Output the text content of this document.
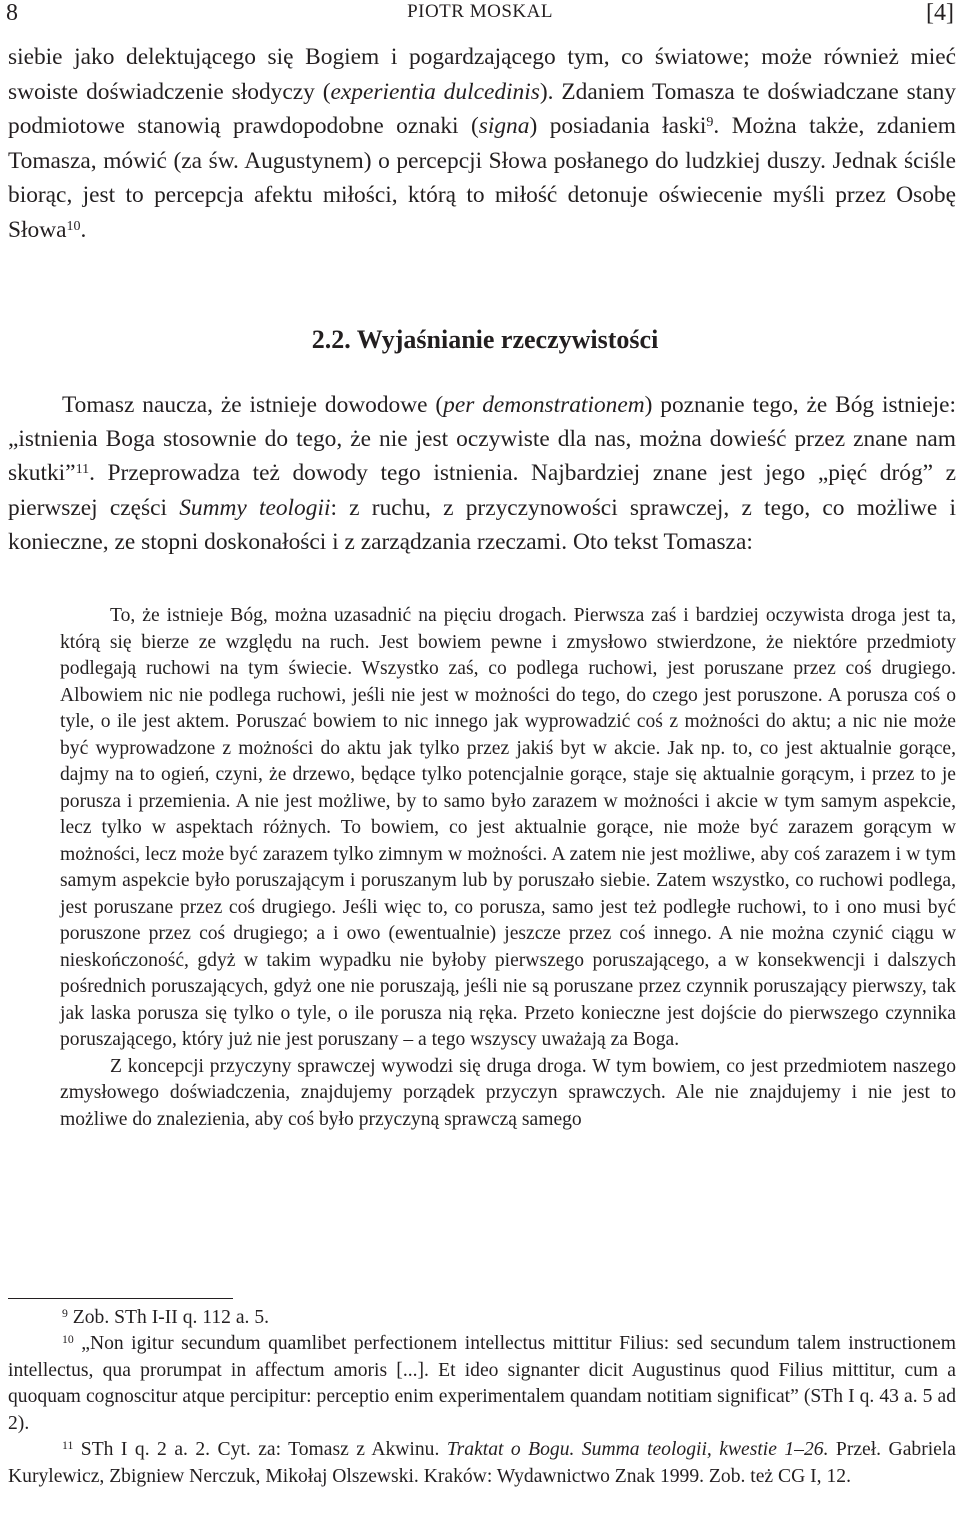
8	PIOTR MOSKAL	[4]

siebie jako delektującego się Bogiem i pogardzającego tym, co światowe; może również mieć swoiste doświadczenie słodyczy (experientia dulcedinis). Zdaniem Tomasza te doświadczane stany podmiotowe stanowią prawdopodobne oznaki (signa) posiadania łaski$^9$. Można także, zdaniem Tomasza, mówić (za św. Augustynem) o percepcji Słowa posłanego do ludzkiej duszy. Jednak ściśle biorąc, jest to percepcja afektu miłości, którą to miłość detonuje oświecenie myśli przez Osobę Słowa$^{10}$.

2.2. Wyjaśnianie rzeczywistości

Tomasz naucza, że istnieje dowodowe (per demonstrationem) poznanie tego, że Bóg istnieje: „istnienia Boga stosownie do tego, że nie jest oczywiste dla nas, można dowieść przez znane nam skutki”$^{11}$. Przeprowadza też dowody tego istnienia. Najbardziej znane jest jego „pięć dróg” z pierwszej części Summy teologii: z ruchu, z przyczynowości sprawczej, z tego, co możliwe i konieczne, ze stopni doskonałości i z zarządzania rzeczami. Oto tekst Tomasza:

To, że istnieje Bóg, można uzasadnić na pięciu drogach. Pierwsza zaś i bardziej oczywista droga jest ta, którą się bierze ze względu na ruch. Jest bowiem pewne i zmysłowo stwierdzone, że niektóre przedmioty podlegają ruchowi na tym świecie. Wszystko zaś, co podlega ruchowi, jest poruszane przez coś drugiego. Albowiem nic nie podlega ruchowi, jeśli nie jest w możności do tego, do czego jest poruszone. A porusza coś o tyle, o ile jest aktem. Poruszać bowiem to nic innego jak wyprowadzić coś z możności do aktu; a nic nie może być wyprowadzone z możności do aktu jak tylko przez jakiś byt w akcie. Jak np. to, co jest aktualnie gorące, dajmy na to ogień, czyni, że drzewo, będące tylko potencjalnie gorące, staje się aktualnie gorącym, i przez to je porusza i przemienia. A nie jest możliwe, by to samo było zarazem w możności i akcie w tym samym aspekcie, lecz tylko w aspektach różnych. To bowiem, co jest aktualnie gorące, nie może być zarazem gorącym w możności, lecz może być zarazem tylko zimnym w możności. A zatem nie jest możliwe, aby coś zarazem i w tym samym aspekcie było poruszającym i poruszanym lub by poruszało siebie. Zatem wszystko, co ruchowi podlega, jest poruszane przez coś drugiego. Jeśli więc to, co porusza, samo jest też podległe ruchowi, to i ono musi być poruszone przez coś drugiego; a i owo (ewentualnie) jeszcze przez coś innego. A nie można czynić ciągu w nieskończoność, gdyż w takim wypadku nie byłoby pierwszego poruszającego, a w konsekwencji i dalszych pośrednich poruszających, gdyż one nie poruszają, jeśli nie są poruszane przez czynnik poruszający pierwszy, tak jak laska porusza się tylko o tyle, o ile porusza nią ręka. Przeto konieczne jest dojście do pierwszego czynnika poruszającego, który już nie jest poruszany – a tego wszyscy uważają za Boga.

Z koncepcji przyczyny sprawczej wywodzi się druga droga. W tym bowiem, co jest przedmiotem naszego zmysłowego doświadczenia, znajdujemy porządek przyczyn sprawczych. Ale nie znajdujemy i nie jest to możliwe do znalezienia, aby coś było przyczyną sprawczą samego

$^9$ Zob. STh I-II q. 112 a. 5.

$^{10}$ „Non igitur secundum quamlibet perfectionem intellectus mittitur Filius: sed secundum talem instructionem intellectus, qua prorumpat in affectum amoris [...]. Et ideo signanter dicit Augustinus quod Filius mittitur, cum a quoquam cognoscitur atque percipitur: perceptio enim experimentalem quandam notitiam significat” (STh I q. 43 a. 5 ad 2).

$^{11}$ STh I q. 2 a. 2. Cyt. za: Tomasz z Akwinu. Traktat o Bogu. Summa teologii, kwestie 1–26. Przeł. Gabriela Kurylewicz, Zbigniew Nerczuk, Mikołaj Olszewski. Kraków: Wydawnictwo Znak 1999. Zob. też CG I, 12.
